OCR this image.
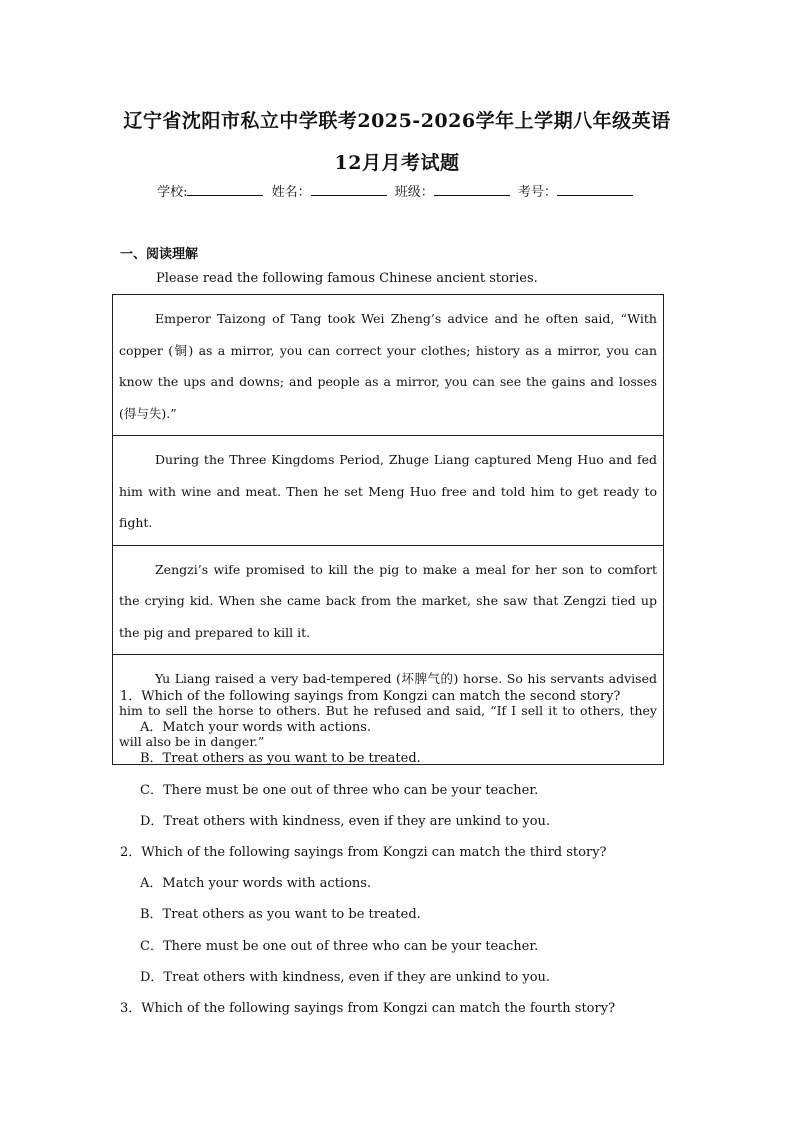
辽宁省沈阳市私立中学联考2025-2026学年上学期八年级英语
12月月考试题
学校:	姓名：	班级：	考号：
一、阅读理解
Please read the following famous Chinese ancient stories.
Emperor Taizong of Tang took Wei Zheng’s advice and he often said, “With copper (铜) as a mirror, you can correct your clothes; history as a mirror, you can know the ups and downs; and people as a mirror, you can see the gains and losses (得与失).”
During the Three Kingdoms Period, Zhuge Liang captured Meng Huo and fed him with wine and meat. Then he set Meng Huo free and told him to get ready to fight.
Zengzi’s wife promised to kill the pig to make a meal for her son to comfort the crying kid. When she came back from the market, she saw that Zengzi tied up the pig and prepared to kill it.
Yu Liang raised a very bad-tempered (坏脾气的) horse. So his servants advised him to sell the horse to others. But he refused and said, “If I sell it to others, they will also be in danger.”
1．Which of the following sayings from Kongzi can match the second story?
A．Match your words with actions.
B．Treat others as you want to be treated.
C．There must be one out of three who can be your teacher.
D．Treat others with kindness, even if they are unkind to you.
2．Which of the following sayings from Kongzi can match the third story?
A．Match your words with actions.
B．Treat others as you want to be treated.
C．There must be one out of three who can be your teacher.
D．Treat others with kindness, even if they are unkind to you.
3．Which of the following sayings from Kongzi can match the fourth story?
